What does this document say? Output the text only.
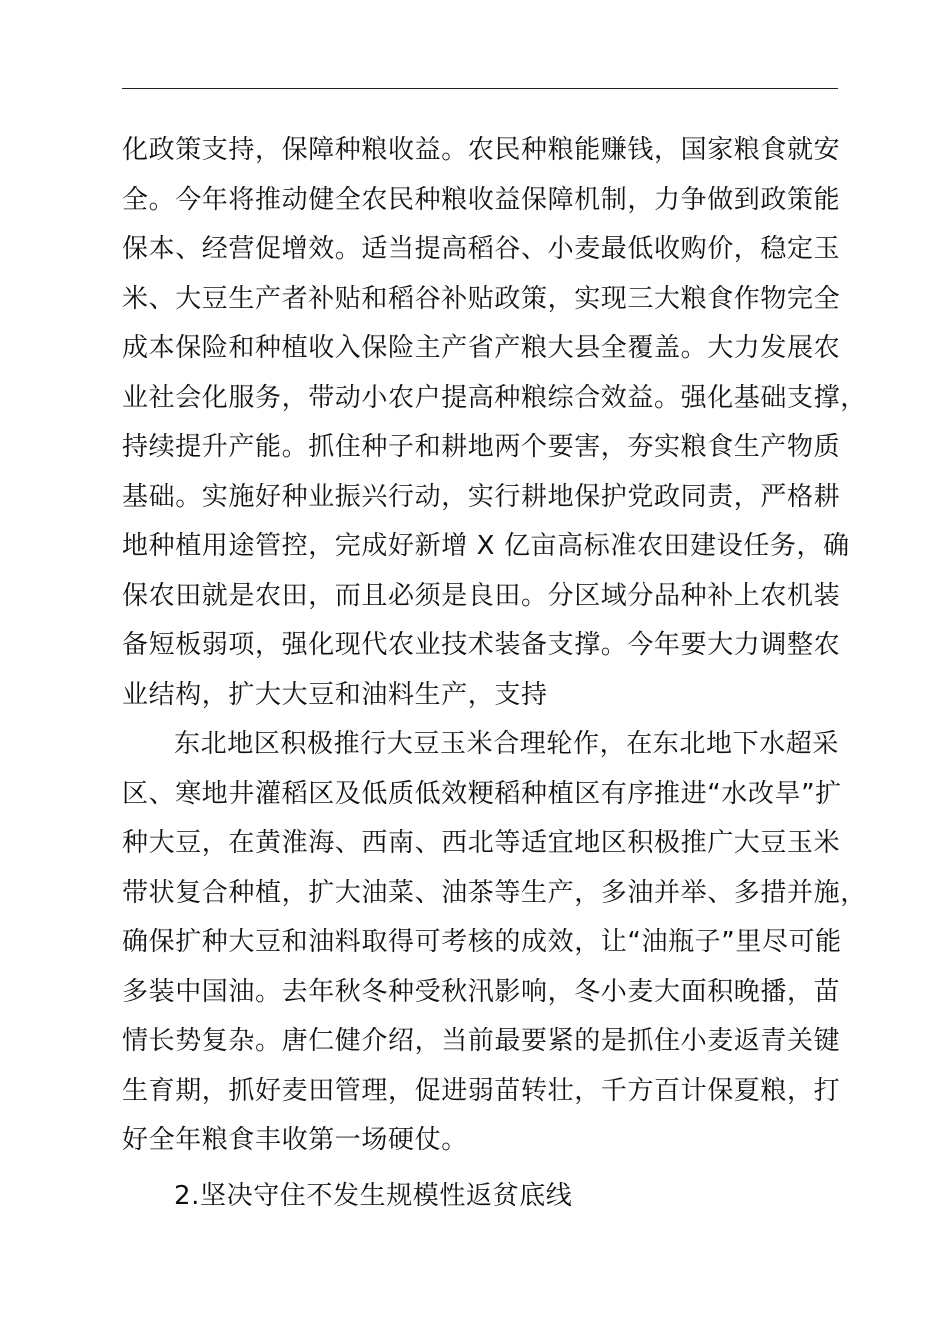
化政策支持，保障种粮收益。农民种粮能赚钱，国家粮食就安
全。今年将推动健全农民种粮收益保障机制，力争做到政策能
保本、经营促增效。适当提高稻谷、小麦最低收购价，稳定玉
米、大豆生产者补贴和稻谷补贴政策，实现三大粮食作物完全
成本保险和种植收入保险主产省产粮大县全覆盖。大力发展农
业社会化服务，带动小农户提高种粮综合效益。强化基础支撑，
持续提升产能。抓住种子和耕地两个要害，夯实粮食生产物质
基础。实施好种业振兴行动，实行耕地保护党政同责，严格耕
地种植用途管控，完成好新增 X 亿亩高标准农田建设任务，确
保农田就是农田，而且必须是良田。分区域分品种补上农机装
备短板弱项，强化现代农业技术装备支撑。今年要大力调整农
业结构，扩大大豆和油料生产，支持
东北地区积极推行大豆玉米合理轮作，在东北地下水超采
区、寒地井灌稻区及低质低效粳稻种植区有序推进“水改旱”扩
种大豆，在黄淮海、西南、西北等适宜地区积极推广大豆玉米
带状复合种植，扩大油菜、油茶等生产，多油并举、多措并施，
确保扩种大豆和油料取得可考核的成效，让“油瓶子”里尽可能
多装中国油。去年秋冬种受秋汛影响，冬小麦大面积晚播，苗
情长势复杂。唐仁健介绍，当前最要紧的是抓住小麦返青关键
生育期，抓好麦田管理，促进弱苗转壮，千方百计保夏粮，打
好全年粮食丰收第一场硬仗。
2.坚决守住不发生规模性返贫底线
